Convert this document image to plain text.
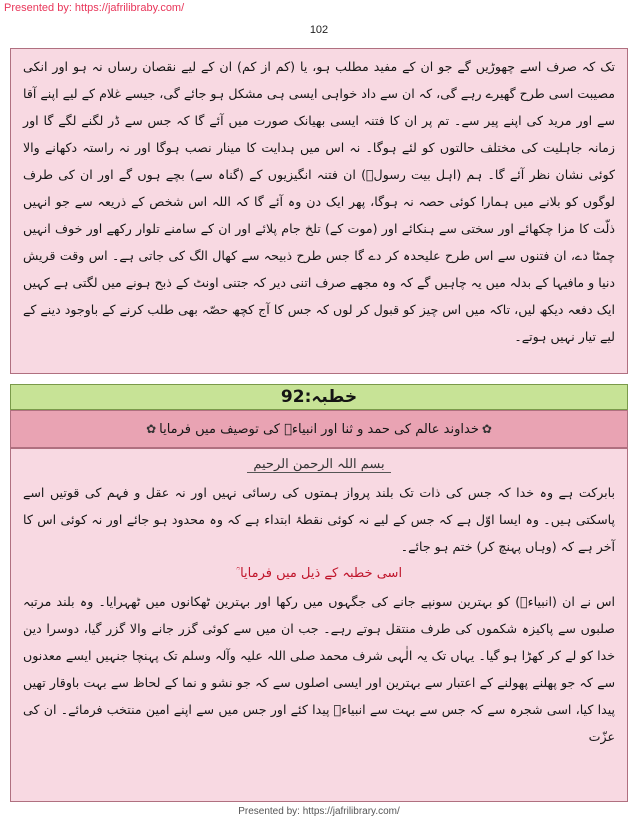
Presented by: https://jafrilibraby.com/
102

تک کہ صرف اسے چھوڑیں گے جو ان کے مفید مطلب ہو، یا (کم از کم) ان کے لیے نقصان رساں نہ ہو اور انکی مصیبت اسی طرح گھیرے رہے گی، کہ ان سے داد خواہی ایسی ہی مشکل ہو جائے گی، جیسے غلام کے لیے اپنے آقا سے اور مرید کی اپنے پیر سے۔ تم پر ان کا فتنہ ایسی بھیانک صورت میں آئے گا کہ جس سے ڈر لگنے لگے گا اور زمانہ جاہلیت کی مختلف حالتوں کو لئے ہوگا۔ نہ اس میں ہدایت کا مینار نصب ہوگا اور نہ راستہ دکھانے والا کوئی نشان نظر آئے گا۔ ہم (اہل بیت رسولؐ) ان فتنہ انگیزیوں کے (گناہ سے) بچے ہوں گے اور ان کی طرف لوگوں کو بلانے میں ہمارا کوئی حصہ نہ ہوگا، پھر ایک دن وہ آئے گا کہ اللہ اس شخص کے ذریعہ سے جو انہیں ذلّت کا مزا چکھائے اور سختی سے ہنکائے اور (موت کے) تلخ جام پلائے اور ان کے سامنے تلوار رکھے اور خوف انہیں چمٹا دے، ان فتنوں سے اس طرح علیحدہ کر دے گا جس طرح ذبیحہ سے کھال الگ کی جاتی ہے۔ اس وقت قریش دنیا و مافیہا کے بدلہ میں یہ چاہیں گے کہ وہ مجھے صرف اتنی دیر کہ جتنی اونٹ کے ذبح ہونے میں لگتی ہے کہیں ایک دفعہ دیکھ لیں، تاکہ میں اس چیز کو قبول کر لوں کہ جس کا آج کچھ حصّہ بھی طلب کرنے کے باوجود دینے کے لیے تیار نہیں ہوتے۔

خطبہ:92
✿خداوند عالم کی حمد و ثنا اور انبیاءؑ کی توصیف میں فرمایا✿
بسم اللہ الرحمن الرحیم

بابرکت ہے وہ خدا کہ جس کی ذات تک بلند پرواز ہمتوں کی رسائی نہیں اور نہ عقل و فہم کی قوتیں اسے پاسکتی ہیں۔ وہ ایسا اوّل ہے کہ جس کے لیے نہ کوئی نقطۂ ابتداء ہے کہ وہ محدود ہو جائے اور نہ کوئی اس کا آخر ہے کہ (وہاں پہنچ کر) ختم ہو جائے۔

اسی خطبہ کے ذیل میں فرمایا

اس نے ان (انبیاءؑ) کو بہترین سونپے جانے کی جگہوں میں رکھا اور بہترین ٹھکانوں میں ٹھہرایا۔ وہ بلند مرتبہ صلبوں سے پاکیزہ شکموں کی طرف منتقل ہوتے رہے۔ جب ان میں سے کوئی گزر جانے والا گزر گیا، دوسرا دین خدا کو لے کر کھڑا ہو گیا۔ یہاں تک یہ الٰہی شرف محمد صلی اللہ علیہ وآلہ وسلم تک پہنچا جنہیں ایسے معدنوں سے کہ جو پھلنے پھولنے کے اعتبار سے بہترین اور ایسی اصلوں سے کہ جو نشو و نما کے لحاظ سے بہت باوقار تھیں پیدا کیا، اسی شجرہ سے کہ جس سے بہت سے انبیاءؑ پیدا کئے اور جس میں سے اپنے امین منتخب فرمائے۔ ان کی عزّت

Presented by: https://jafrilibrary.com/
